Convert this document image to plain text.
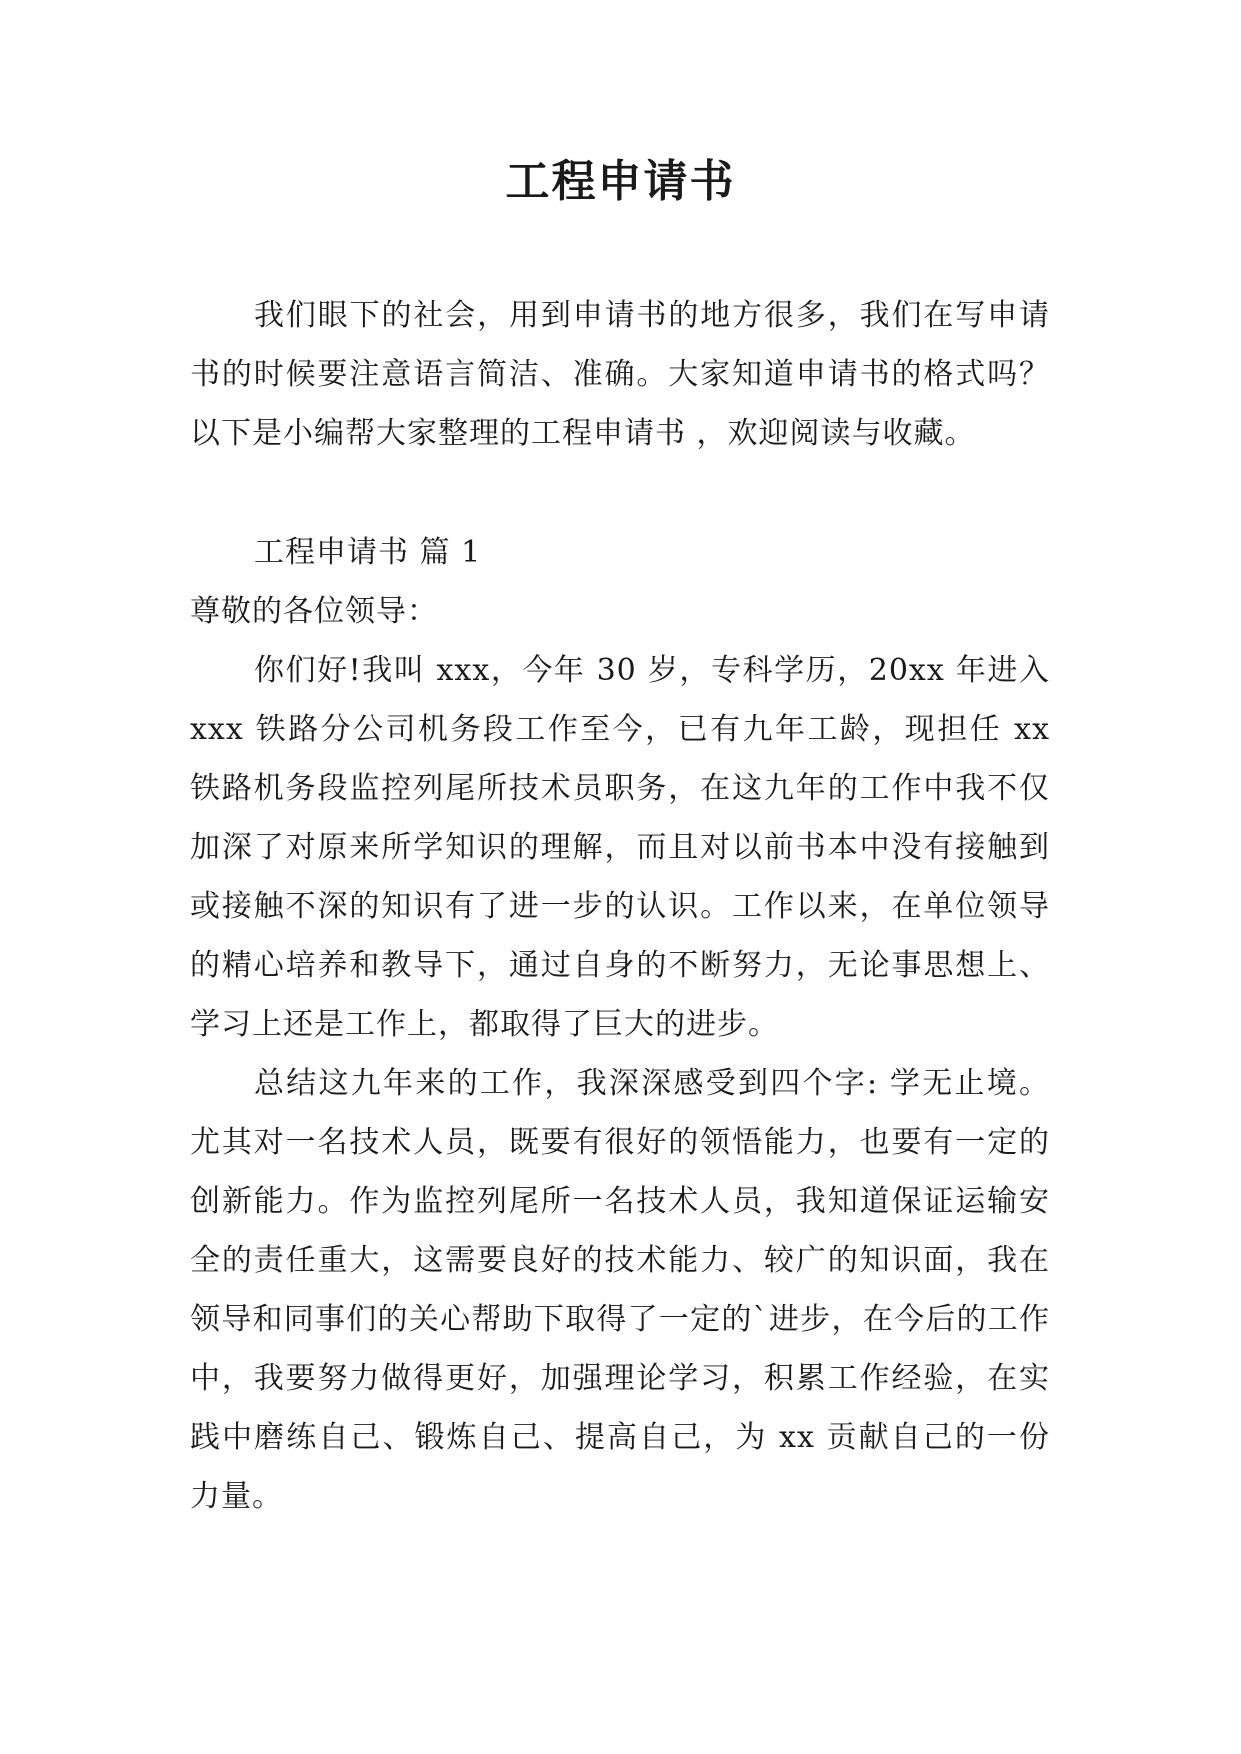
工程申请书

我们眼下的社会，用到申请书的地方很多，我们在写申请书的时候要注意语言简洁、准确。大家知道申请书的格式吗？以下是小编帮大家整理的工程申请书 ，欢迎阅读与收藏。

工程申请书 篇 1

尊敬的各位领导：

你们好!我叫 xxx，今年 30 岁，专科学历，20xx 年进入 xxx 铁路分公司机务段工作至今，已有九年工龄，现担任 xx 铁路机务段监控列尾所技术员职务，在这九年的工作中我不仅加深了对原来所学知识的理解，而且对以前书本中没有接触到或接触不深的知识有了进一步的认识。工作以来，在单位领导的精心培养和教导下，通过自身的不断努力，无论事思想上、学习上还是工作上，都取得了巨大的进步。

总结这九年来的工作，我深深感受到四个字: 学无止境。尤其对一名技术人员，既要有很好的领悟能力，也要有一定的创新能力。作为监控列尾所一名技术人员，我知道保证运输安全的责任重大，这需要良好的技术能力、较广的知识面，我在领导和同事们的关心帮助下取得了一定的`进步，在今后的工作中，我要努力做得更好，加强理论学习，积累工作经验，在实践中磨练自己、锻炼自己、提高自己，为 xx 贡献自己的一份力量。
